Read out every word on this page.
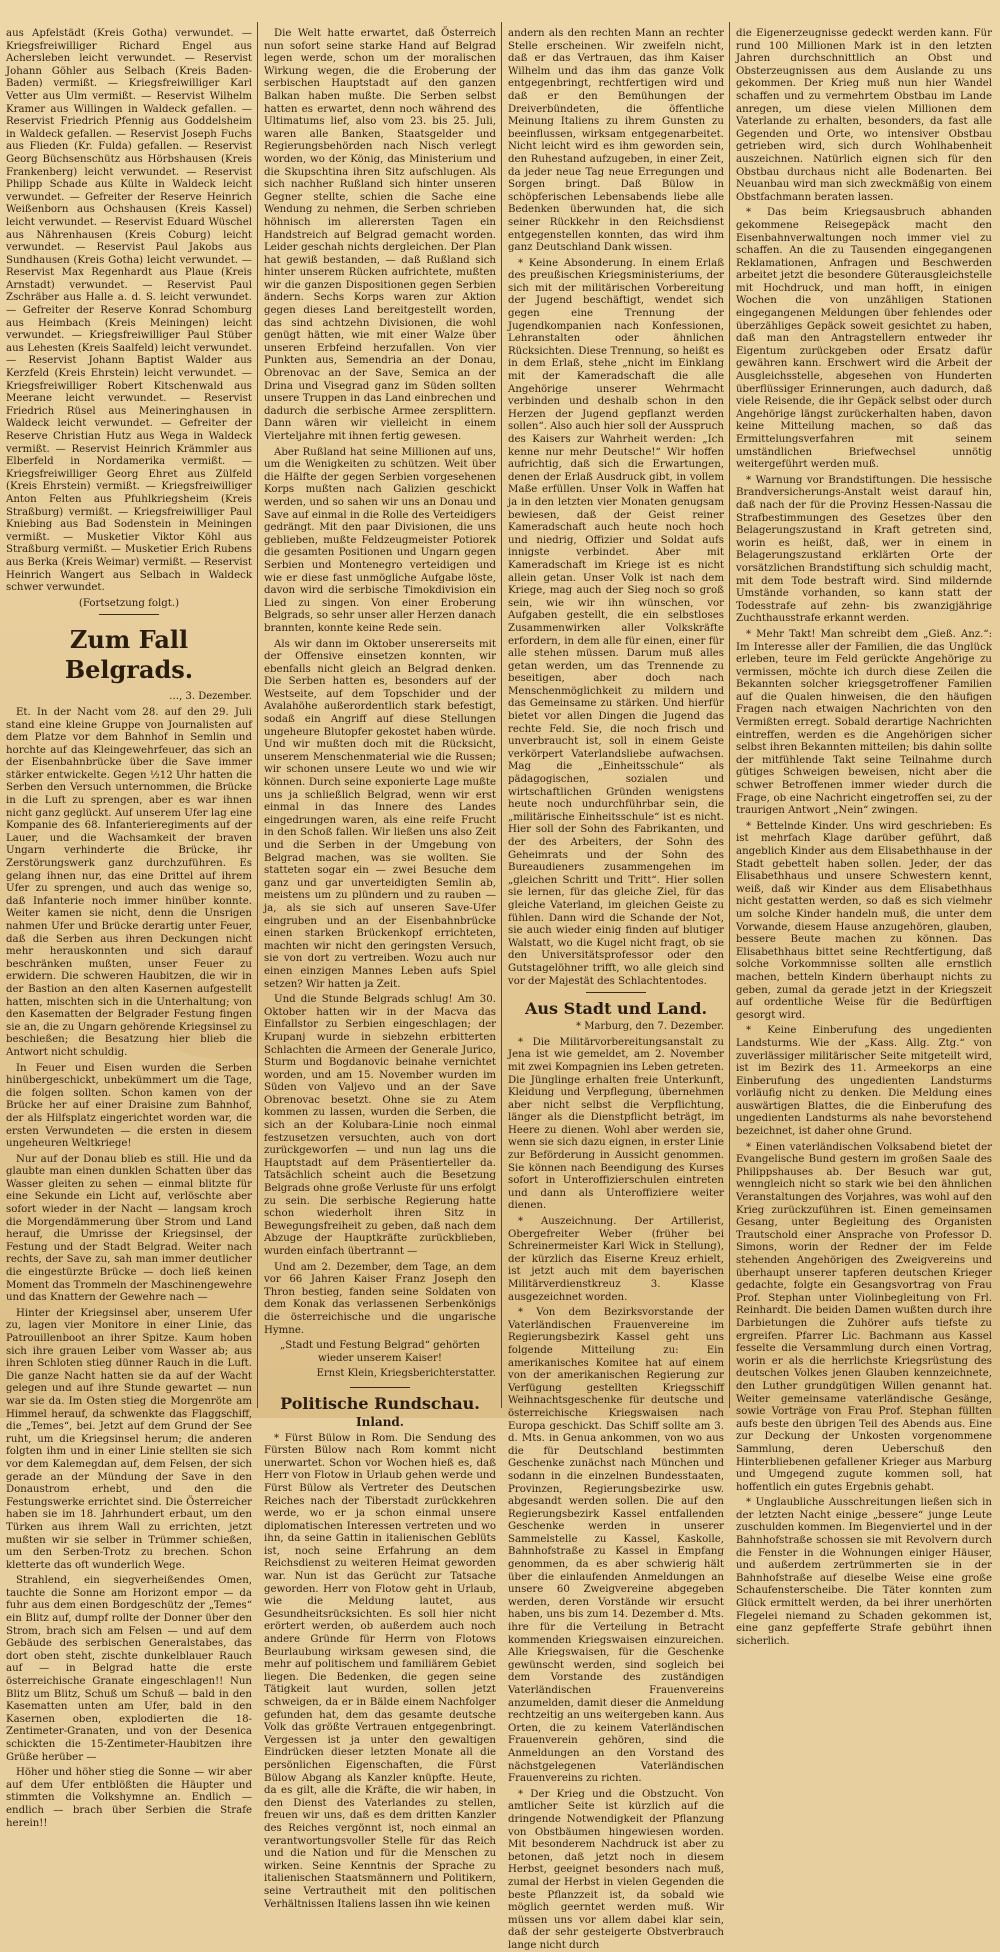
aus Apfelstädt (Kreis Gotha) verwundet. — Kriegsfreiwilliger Richard Engel aus Achersleben leicht verwundet. — Reservist Johann Göhler aus Selbach (Kreis Baden-Baden) vermißt. — Kriegsfreiwilliger Karl Vetter aus Ulm vermißt. — Reservist Wilhelm Kramer aus Willingen in Waldeck gefallen. — Reservist Friedrich Pfennig aus Goddelsheim in Waldeck gefallen. — Reservist Joseph Fuchs aus Flieden (Kr. Fulda) gefallen. — Reservist Georg Büchsenschütz aus Hörbshausen (Kreis Frankenberg) leicht verwundet. — Reservist Philipp Schade aus Külte in Waldeck leicht verwundet. — Gefreiter der Reserve Heinrich Weißenborn aus Ochshausen (Kreis Kassel) leicht verwundet. — Reservist Eduard Wüschel aus Nährenhausen (Kreis Coburg) leicht verwundet. — Reservist Paul Jakobs aus Sundhausen (Kreis Gotha) leicht verwundet. — Reservist Max Regenhardt aus Plaue (Kreis Arnstadt) verwundet. — Reservist Paul Zschräber aus Halle a. d. S. leicht verwundet. — Gefreiter der Reserve Konrad Schomburg aus Heimbach (Kreis Meiningen) leicht verwundet. — Kriegsfreiwilliger Paul Stüber aus Lehesten (Kreis Saalfeld) leicht verwundet. — Reservist Johann Baptist Walder aus Kerzfeld (Kreis Ehrstein) leicht verwundet. — Kriegsfreiwilliger Robert Kitschenwald aus Meerane leicht verwundet. — Reservist Friedrich Rüsel aus Meineringhausen in Waldeck leicht verwundet. — Gefreiter der Reserve Christian Hutz aus Wega in Waldeck vermißt. — Reservist Heinrich Krämmler aus Elberfeld in Nordamerika vermißt. — Kriegsfreiwilliger Georg Ehret aus Zülfeld (Kreis Ehrstein) vermißt. — Kriegsfreiwilliger Anton Felten aus Pfuhlkriegsheim (Kreis Straßburg) vermißt. — Kriegsfreiwilliger Paul Kniebing aus Bad Sodenstein in Meiningen vermißt. — Musketier Viktor Köhl aus Straßburg vermißt. — Musketier Erich Rubens aus Berka (Kreis Weimar) vermißt. — Reservist Heinrich Wangert aus Selbach in Waldeck schwer verwundet.

(Fortsetzung folgt.)

Zum Fall Belgrads.
…, 3. Dezember.

Et. In der Nacht vom 28. auf den 29. Juli stand eine kleine Gruppe von Journalisten auf dem Platze vor dem Bahnhof in Semlin und horchte auf das Kleingewehrfeuer, das sich an der Eisenbahnbrücke über die Save immer stärker entwickelte. Gegen ½12 Uhr hatten die Serben den Versuch unternommen, die Brücke in die Luft zu sprengen, aber es war ihnen nicht ganz geglückt. Auf unserem Ufer lag eine Kompanie des 68. Infanterieregiments auf der Lauer, und die Wachsamkeit der braven Ungarn verhinderte die Brücke, ihr Zerstörungswerk ganz durchzuführen. Es gelang ihnen nur, das eine Drittel auf ihrem Ufer zu sprengen, und auch das wenige so, daß Infanterie noch immer hinüber konnte. Weiter kamen sie nicht, denn die Unsrigen nahmen Ufer und Brücke derartig unter Feuer, daß die Serben aus ihren Deckungen nicht mehr herauskonnten und sich darauf beschränken mußten, unser Feuer zu erwidern. Die schweren Haubitzen, die wir in der Bastion an den alten Kasernen aufgestellt hatten, mischten sich in die Unterhaltung; von den Kasematten der Belgrader Festung fingen sie an, die zu Ungarn gehörende Kriegsinsel zu beschießen; die Besatzung hier blieb die Antwort nicht schuldig.

In Feuer und Eisen wurden die Serben hinübergeschickt, unbekümmert um die Tage, die folgen sollten. Schon kamen von der Brücke her auf einer Draisine zum Bahnhof, der als Hilfsplatz eingerichtet worden war, die ersten Verwundeten — die ersten in diesem ungeheuren Weltkriege!

Nur auf der Donau blieb es still. Hie und da glaubte man einen dunklen Schatten über das Wasser gleiten zu sehen — einmal blitzte für eine Sekunde ein Licht auf, verlöschte aber sofort wieder in der Nacht — langsam kroch die Morgendämmerung über Strom und Land herauf, die Umrisse der Kriegsinsel, der Festung und der Stadt Belgrad. Weiter nach rechts, der Save zu, sah man immer deutlicher die eingestürzte Brücke — doch ließ keinen Moment das Trommeln der Maschinengewehre und das Knattern der Gewehre nach —

Hinter der Kriegsinsel aber, unserem Ufer zu, lagen vier Monitore in einer Linie, das Patrouillenboot an ihrer Spitze. Kaum hoben sich ihre grauen Leiber vom Wasser ab; aus ihren Schloten stieg dünner Rauch in die Luft. Die ganze Nacht hatten sie da auf der Wacht gelegen und auf ihre Stunde gewartet — nun war sie da. Im Osten stieg die Morgenröte am Himmel herauf, da schwenkte das Flaggschiff, die „Temes“, bei. Jetzt auf dem Grund der See ruht, um die Kriegsinsel herum; die anderen folgten ihm und in einer Linie stellten sie sich vor dem Kalemegdan auf, dem Felsen, der sich gerade an der Mündung der Save in den Donaustrom erhebt, und den die Festungswerke errichtet sind. Die Österreicher haben sie im 18. Jahrhundert erbaut, um den Türken aus ihrem Wall zu errichten, jetzt mußten wir sie selber in Trümmer schießen, um den Serben-Trotz zu brechen. Schon kletterte das oft wunderlich Wege.

Strahlend, ein siegverheißendes Omen, tauchte die Sonne am Horizont empor — da fuhr aus dem einen Bordgeschütz der „Temes“ ein Blitz auf, dumpf rollte der Donner über den Strom, brach sich am Felsen — und auf dem Gebäude des serbischen Generalstabes, das dort oben steht, zischte dunkelblauer Rauch auf — in Belgrad hatte die erste österreichische Granate eingeschlagen!! Nun Blitz um Blitz, Schuß um Schuß — bald in den Kasematten unten am Ufer, bald in den Kasernen oben, explodierten die 18-Zentimeter-Granaten, und von der Desenica schickten die 15-Zentimeter-Haubitzen ihre Grüße herüber —

Höher und höher stieg die Sonne — wir aber auf dem Ufer entblößten die Häupter und stimmten die Volkshymne an. Endlich — endlich — brach über Serbien die Strafe herein!!

Die Welt hatte erwartet, daß Österreich nun sofort seine starke Hand auf Belgrad legen werde, schon um der moralischen Wirkung wegen, die die Eroberung der serbischen Hauptstadt auf den ganzen Balkan haben mußte. Die Serben selbst hatten es erwartet, denn noch während des Ultimatums lief, also vom 23. bis 25. Juli, waren alle Banken, Staatsgelder und Regierungsbehörden nach Nisch verlegt worden, wo der König, das Ministerium und die Skupschtina ihren Sitz aufschlugen. Als sich nachher Rußland sich hinter unseren Gegner stellte, schien die Sache eine Wendung zu nehmen, die Serben schrieben höhnisch im allerersten Tagen ein Handstreich auf Belgrad gemacht worden. Leider geschah nichts dergleichen. Der Plan hat gewiß bestanden, — daß Rußland sich hinter unserem Rücken aufrichtete, mußten wir die ganzen Dispositionen gegen Serbien ändern. Sechs Korps waren zur Aktion gegen dieses Land bereitgestellt worden, das sind achtzehn Divisionen, die wohl genügt hätten, wie mit einer Walze über unseren Erbfeind herzufallen. Von vier Punkten aus, Semendria an der Donau, Obrenovac an der Save, Semica an der Drina und Visegrad ganz im Süden sollten unsere Truppen in das Land einbrechen und dadurch die serbische Armee zersplittern. Dann wären wir vielleicht in einem Vierteljahre mit ihnen fertig gewesen.

Aber Rußland hat seine Millionen auf uns, um die Wenigkeiten zu schützen. Weit über die Hälfte der gegen Serbien vorgesehenen Korps mußten nach Galizien geschickt werden, und so sahen wir uns an Donau und Save auf einmal in die Rolle des Verteidigers gedrängt. Mit den paar Divisionen, die uns geblieben, mußte Feldzeugmeister Potiorek die gesamten Positionen und Ungarn gegen Serbien und Montenegro verteidigen und wie er diese fast unmögliche Aufgabe löste, davon wird die serbische Timokdivision ein Lied zu singen. Von einer Eroberung Belgrads, so sehr unser aller Herzen danach brannten, konnte keine Rede sein.

Als wir dann im Oktober unsererseits mit der Offensive einsetzen konnten, wir ebenfalls nicht gleich an Belgrad denken. Die Serben hatten es, besonders auf der Westseite, auf dem Topschider und der Avalahöhe außerordentlich stark befestigt, sodaß ein Angriff auf diese Stellungen ungeheure Blutopfer gekostet haben würde. Und wir mußten doch mit die Rücksicht, unserem Menschenmaterial wie die Russen; wir schonen unsere Leute wo und wie wir können. Durch seine exponierte Lage mußte uns ja schließlich Belgrad, wenn wir erst einmal in das Innere des Landes eingedrungen waren, als eine reife Frucht in den Schoß fallen. Wir ließen uns also Zeit und die Serben in der Umgebung von Belgrad machen, was sie wollten. Sie statteten sogar ein — zwei Besuche dem ganz und gar unverteidigten Semlin ab, meistens um zu plündern und zu rauben — ja, als sie sich auf unseren Save-Ufer eingruben und an der Eisenbahnbrücke einen starken Brückenkopf errichteten, machten wir nicht den geringsten Versuch, sie von dort zu vertreiben. Wozu auch nur einen einzigen Mannes Leben aufs Spiel setzen? Wir hatten ja Zeit.

Und die Stunde Belgrads schlug! Am 30. Oktober hatten wir in der Macva das Einfallstor zu Serbien eingeschlagen; der Krupanj wurde in siebzehn erbitterten Schlachten die Armeen der Generale Jurico, Sturm und Bogdanovic beinahe vernichtet worden, und am 15. November wurden im Süden von Valjevo und an der Save Obrenovac besetzt. Ohne sie zu Atem kommen zu lassen, wurden die Serben, die sich an der Kolubara-Linie noch einmal festzusetzen versuchten, auch von dort zurückgeworfen — und nun lag uns die Hauptstadt auf dem Präsentierteller da. Tatsächlich scheint auch die Besetzung Belgrads ohne große Verluste für uns erfolgt zu sein. Die serbische Regierung hatte schon wiederholt ihren Sitz in Bewegungsfreiheit zu geben, daß nach dem Abzuge der Hauptkräfte zurückblieben, wurden einfach übertrannt —

Und am 2. Dezember, dem Tage, an dem vor 66 Jahren Kaiser Franz Joseph den Thron bestieg, fanden seine Soldaten von dem Konak das verlassenen Serbenkönigs die österreichische und die ungarische Hymne.

„Stadt und Festung Belgrad“ gehörten wieder unserem Kaiser!

Ernst Klein, Kriegsberichterstatter.
Politische Rundschau.
Inland.

* Fürst Bülow in Rom. Die Sendung des Fürsten Bülow nach Rom kommt nicht unerwartet. Schon vor Wochen hieß es, daß Herr von Flotow in Urlaub gehen werde und Fürst Bülow als Vertreter des Deutschen Reiches nach der Tiberstadt zurückkehren werde, wo er ja schon einmal unsere diplomatischen Interessen vertreten und wo ihn, da seine Gattin in italienischen Geblüts ist, noch seine Erfahrung an dem Reichsdienst zu weiteren Heimat geworden war. Nun ist das Gerücht zur Tatsache geworden. Herr von Flotow geht in Urlaub, wie die Meldung lautet, aus Gesundheitsrücksichten. Es soll hier nicht erörtert werden, ob außerdem auch noch andere Gründe für Herrn von Flotows Beurlaubung wirksam gewesen sind, die mehr auf politischem und familiärem Gebiet liegen. Die Bedenken, die gegen seine Tätigkeit laut wurden, sollen jetzt schweigen, da er in Bälde einem Nachfolger gefunden hat, dem das gesamte deutsche Volk das größte Vertrauen entgegenbringt. Vergessen ist ja unter den gewaltigen Eindrücken dieser letzten Monate all die persönlichen Eigenschaften, die Fürst Bülow Abgang als Kanzler knüpfte. Heute, da es gilt, alle die Kräfte, die wir haben, in den Dienst des Vaterlandes zu stellen, freuen wir uns, daß es dem dritten Kanzler des Reiches vergönnt ist, noch einmal an verantwortungsvoller Stelle für das Reich und die Nation und für die Menschen zu wirken. Seine Kenntnis der Sprache zu italienischen Staatsmännern und Politikern, seine Vertrautheit mit den politischen Verhältnissen Italiens lassen ihn wie keinen

andern als den rechten Mann an rechter Stelle erscheinen. Wir zweifeln nicht, daß er das Vertrauen, das ihm Kaiser Wilhelm und das ihm das ganze Volk entgegenbringt, rechtfertigen wird und daß er den Bemühungen der Dreiverbündeten, die öffentliche Meinung Italiens zu ihrem Gunsten zu beeinflussen, wirksam entgegenarbeitet. Nicht leicht wird es ihm geworden sein, den Ruhestand aufzugeben, in einer Zeit, da jeder neue Tag neue Erregungen und Sorgen bringt. Daß Bülow in schöpferischen Lebensabends liebe alle Bedenken überwunden hat, die sich seiner Rückkehr in den Reichsdienst entgegenstellen konnten, das wird ihm ganz Deutschland Dank wissen.

* Keine Absonderung. In einem Erlaß des preußischen Kriegsministeriums, der sich mit der militärischen Vorbereitung der Jugend beschäftigt, wendet sich gegen eine Trennung der Jugendkompanien nach Konfessionen, Lehranstalten oder ähnlichen Rücksichten. Diese Trennung, so heißt es in dem Erlaß, stehe „nicht im Einklang mit der Kameradschaft die alle Angehörige unserer Wehrmacht verbinden und deshalb schon in den Herzen der Jugend gepflanzt werden sollen“. Also auch hier soll der Ausspruch des Kaisers zur Wahrheit werden: „Ich kenne nur mehr Deutsche!“ Wir hoffen aufrichtig, daß sich die Erwartungen, denen der Erlaß Ausdruck gibt, in vollem Maße erfüllen. Unser Volk in Waffen hat ja in den letzten vier Monaten genugsam bewiesen, daß der Geist reiner Kameradschaft auch heute noch hoch und niedrig, Offizier und Soldat aufs innigste verbindet. Aber mit Kameradschaft im Kriege ist es nicht allein getan. Unser Volk ist nach dem Kriege, mag auch der Sieg noch so groß sein, wie wir ihn wünschen, vor Aufgaben gestellt, die ein selbstloses Zusammenwirken aller Volkskräfte erfordern, in dem alle für einen, einer für alle stehen müssen. Darum muß alles getan werden, um das Trennende zu beseitigen, aber doch nach Menschenmöglichkeit zu mildern und das Gemeinsame zu stärken. Und hierfür bietet vor allen Dingen die Jugend das rechte Feld. Sie, die noch frisch und unverbraucht ist, soll in einem Geiste verkörpert Vaterlandsliebe aufwachsen. Mag die „Einheitsschule“ als pädagogischen, sozialen und wirtschaftlichen Gründen wenigstens heute noch undurchführbar sein, die „militärische Einheitsschule“ ist es nicht. Hier soll der Sohn des Fabrikanten, und der des Arbeiters, der Sohn des Geheimrats und der Sohn des Bureaudieners zusammengehen im „gleichen Schritt und Tritt“. Hier sollen sie lernen, für das gleiche Ziel, für das gleiche Vaterland, im gleichen Geiste zu fühlen. Dann wird die Schande der Not, sie auch wieder einig finden auf blutiger Walstatt, wo die Kugel nicht fragt, ob sie den Universitätsprofessor oder den Gutstagelöhner trifft, wo alle gleich sind vor der Majestät des Schlachtentodes.

Aus Stadt und Land.
* Marburg, den 7. Dezember.

* Die Militärvorbereitungsanstalt zu Jena ist wie gemeldet, am 2. November mit zwei Kompagnien ins Leben getreten. Die Jünglinge erhalten freie Unterkunft, Kleidung und Verpflegung, übernehmen aber nicht selbst die Verpflichtung, länger als die Dienstpflicht beträgt, im Heere zu dienen. Wohl aber werden sie, wenn sie sich dazu eignen, in erster Linie zur Beförderung in Aussicht genommen. Sie können nach Beendigung des Kurses sofort in Unteroffizierschulen eintreten und dann als Unteroffiziere weiter dienen.

* Auszeichnung. Der Artillerist, Obergefreiter Weber (früher bei Schreinermeister Karl Wick in Stellung), der kürzlich das Eiserne Kreuz erhielt, ist jetzt auch mit dem bayerischen Militärverdienstkreuz 3. Klasse ausgezeichnet worden.

* Von dem Bezirksvorstande der Vaterländischen Frauenvereine im Regierungsbezirk Kassel geht uns folgende Mitteilung zu: Ein amerikanisches Komitee hat auf einem von der amerikanischen Regierung zur Verfügung gestellten Kriegsschiff Weihnachtsgeschenke für deutsche und österreichische Kriegswaisen nach Europa geschickt. Das Schiff sollte am 3. d. Mts. in Genua ankommen, von wo aus die für Deutschland bestimmten Geschenke zunächst nach München und sodann in die einzelnen Bundesstaaten, Provinzen, Regierungsbezirke usw. abgesandt werden sollen. Die auf den Regierungsbezirk Kassel entfallenden Geschenke werden in unserer Sammelstelle zu Kassel, Kaskolle, Bahnhofstraße zu Kassel in Empfang genommen, da es aber schwierig hält über die einlaufenden Anmeldungen an unsere 60 Zweigvereine abgegeben werden, deren Vorstände wir ersucht haben, uns bis zum 14. Dezember d. Mts. ihre für die Verteilung in Betracht kommenden Kriegswaisen einzureichen. Alle Kriegswaisen, für die Geschenke gewünscht werden, sind sogleich bei dem Vorstande des zuständigen Vaterländischen Frauenvereins anzumelden, damit dieser die Anmeldung rechtzeitig an uns weitergeben kann. Aus Orten, die zu keinem Vaterländischen Frauenverein gehören, sind die Anmeldungen an den Vorstand des nächstgelegenen Vaterländischen Frauenvereins zu richten.

* Der Krieg und die Obstzucht. Von amtlicher Seite ist kürzlich auf die dringende Notwendigkeit der Pflanzung von Obstbäumen hingewiesen worden. Mit besonderem Nachdruck ist aber zu betonen, daß jetzt noch in diesem Herbst, geeignet besonders nach muß, zumal der Herbst in vielen Gegenden die beste Pflanzzeit ist, da sobald wie möglich geerntet werden muß. Wir müssen uns vor allem dabei klar sein, daß der sehr gesteigerte Obstverbrauch lange nicht durch

die Eigenerzeugnisse gedeckt werden kann. Für rund 100 Millionen Mark ist in den letzten Jahren durchschnittlich an Obst und Obsterzeugnissen aus dem Auslande zu uns gekommen. Der Krieg muß nun hier Wandel schaffen und zu vermehrtem Obstbau im Lande anregen, um diese vielen Millionen dem Vaterlande zu erhalten, besonders, da fast alle Gegenden und Orte, wo intensiver Obstbau getrieben wird, sich durch Wohlhabenheit auszeichnen. Natürlich eignen sich für den Obstbau durchaus nicht alle Bodenarten. Bei Neuanbau wird man sich zweckmäßig von einem Obstfachmann beraten lassen.

* Das beim Kriegsausbruch abhanden gekommene Reisegepäck macht den Eisenbahnverwaltungen noch immer viel zu schaffen. An die zu Tausenden eingegangenen Reklamationen, Anfragen und Beschwerden arbeitet jetzt die besondere Güterausgleichstelle mit Hochdruck, und man hofft, in einigen Wochen die von unzähligen Stationen eingegangenen Meldungen über fehlendes oder überzähliges Gepäck soweit gesichtet zu haben, daß man den Antragstellern entweder ihr Eigentum zurückgeben oder Ersatz dafür gewähren kann. Erschwert wird die Arbeit der Ausgleichsstelle, abgesehen von Hunderten überflüssiger Erinnerungen, auch dadurch, daß viele Reisende, die ihr Gepäck selbst oder durch Angehörige längst zurückerhalten haben, davon keine Mitteilung machen, so daß das Ermittelungsverfahren mit seinem umständlichen Briefwechsel unnötig weitergeführt werden muß.

* Warnung vor Brandstiftungen. Die hessische Brandversicherungs-Anstalt weist darauf hin, daß nach der für die Provinz Hessen-Nassau die Strafbestimmungen des Gesetzes über den Belagerungszustand in Kraft getreten sind, worin es heißt, daß, wer in einem in Belagerungszustand erklärten Orte der vorsätzlichen Brandstiftung sich schuldig macht, mit dem Tode bestraft wird. Sind mildernde Umstände vorhanden, so kann statt der Todesstrafe auf zehn- bis zwanzigjährige Zuchthausstrafe erkannt werden.

* Mehr Takt! Man schreibt dem „Gieß. Anz.“: Im Interesse aller der Familien, die das Unglück erleben, teure im Feld gerückte Angehörige zu vermissen, möchte ich durch diese Zeilen die Bekannten solcher kriegsgetroffener Familien auf die Qualen hinweisen, die den häufigen Fragen nach etwaigen Nachrichten von den Vermißten erregt. Sobald derartige Nachrichten eintreffen, werden es die Angehörigen sicher selbst ihren Bekannten mitteilen; bis dahin sollte der mitfühlende Takt seine Teilnahme durch gütiges Schweigen beweisen, nicht aber die schwer Betroffenen immer wieder durch die Frage, ob eine Nachricht eingetroffen sei, zu der traurigen Antwort „Nein“ zwingen.

* Bettelnde Kinder. Uns wird geschrieben: Es ist mehrfach Klage darüber geführt, daß angeblich Kinder aus dem Elisabethhause in der Stadt gebettelt haben sollen. Jeder, der das Elisabethhaus und unsere Schwestern kennt, weiß, daß wir Kinder aus dem Elisabethhaus nicht gestatten werden, so daß es sich vielmehr um solche Kinder handeln muß, die unter dem Vorwande, diesem Hause anzugehören, glauben, bessere Beute machen zu können. Das Elisabethhaus bittet seine Rechtfertigung, daß solche Vorkommnisse sollten alle ernstlich machen, betteln Kindern überhaupt nichts zu geben, zumal da gerade jetzt in der Kriegszeit auf ordentliche Weise für die Bedürftigen gesorgt wird.

* Keine Einberufung des ungedienten Landsturms. Wie der „Kass. Allg. Ztg.“ von zuverlässiger militärischer Seite mitgeteilt wird, ist im Bezirk des 11. Armeekorps an eine Einberufung des ungedienten Landsturms vorläufig nicht zu denken. Die Meldung eines auswärtigen Blattes, die die Einberufung des ungedienten Landsturms als nahe bevorstehend bezeichnet, ist daher ohne Grund.

* Einen vaterländischen Volksabend bietet der Evangelische Bund gestern im großen Saale des Philippshauses ab. Der Besuch war gut, wenngleich nicht so stark wie bei den ähnlichen Veranstaltungen des Vorjahres, was wohl auf den Krieg zurückzuführen ist. Einen gemeinsamen Gesang, unter Begleitung des Organisten Trautschold einer Ansprache von Professor D. Simons, worin der Redner der im Felde stehenden Angehörigen des Zweigvereins und überhaupt unserer tapferen deutschen Krieger gedachte, folgte ein Gesangsvortrag von Frau Prof. Stephan unter Violinbegleitung von Frl. Reinhardt. Die beiden Damen wußten durch ihre Darbietungen die Zuhörer aufs tiefste zu ergreifen. Pfarrer Lic. Bachmann aus Kassel fesselte die Versammlung durch einen Vortrag, worin er als die herrlichste Kriegsrüstung des deutschen Volkes jenen Glauben kennzeichnete, den Luther grundgütigen Willen genannt hat. Weiter gemeinsame vaterländische Gesänge, sowie Vorträge von Frau Prof. Stephan füllten aufs beste den übrigen Teil des Abends aus. Eine zur Deckung der Unkosten vorgenommene Sammlung, deren Ueberschuß den Hinterbliebenen gefallener Krieger aus Marburg und Umgegend zugute kommen soll, hat hoffentlich ein gutes Ergebnis gehabt.

* Unglaubliche Ausschreitungen ließen sich in der letzten Nacht einige „bessere“ junge Leute zuschulden kommen. Im Biegenviertel und in der Bahnhofstraße schossen sie mit Revolvern durch die Fenster in die Wohnungen einiger Häuser, und außerdem zertrümmerten sie in der Bahnhofstraße auf dieselbe Weise eine große Schaufensterscheibe. Die Täter konnten zum Glück ermittelt werden, da bei ihrer unerhörten Flegelei niemand zu Schaden gekommen ist, eine ganz gepfefferte Strafe gebührt ihnen sicherlich.
